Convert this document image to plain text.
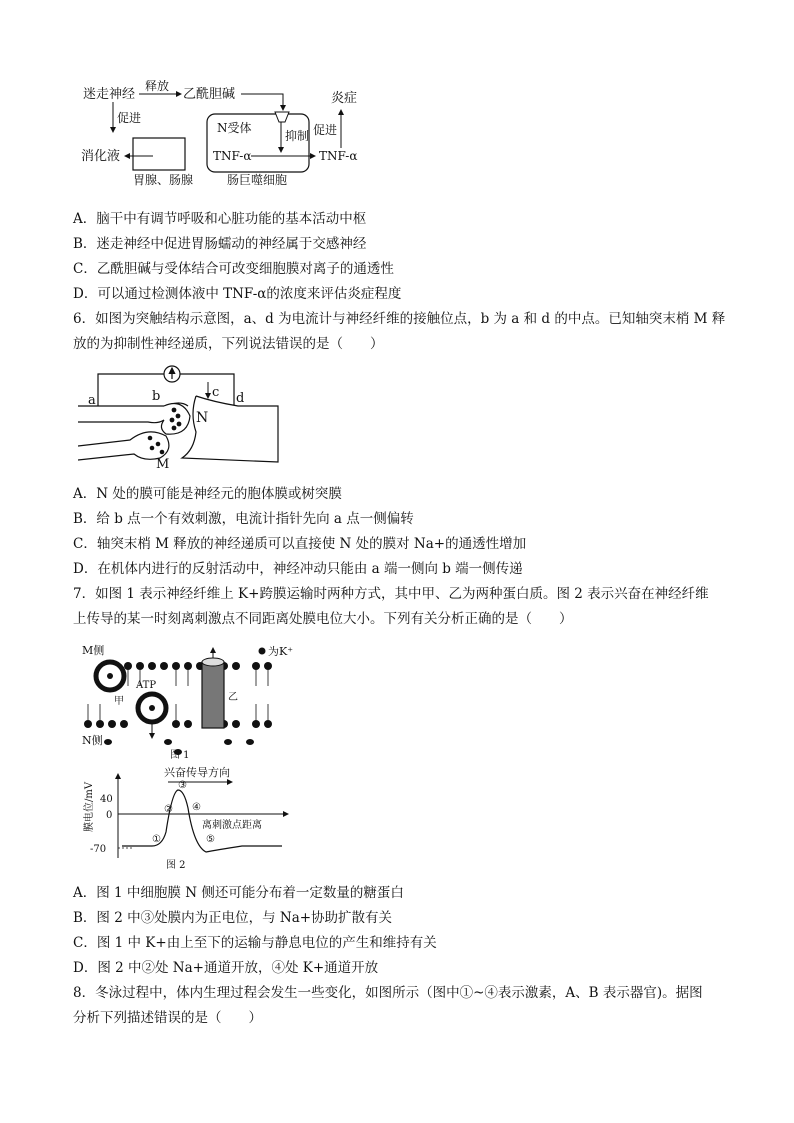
迷走神经
释放
乙酰胆碱	炎症
促进
促进
消化液
胃腺、肠腺
N受体
抑制
TNF-α	TNF-α
肠巨噬细胞
A．脑干中有调节呼吸和心脏功能的基本活动中枢
B．迷走神经中促进胃肠蠕动的神经属于交感神经
C．乙酰胆碱与受体结合可改变细胞膜对离子的通透性
D．可以通过检测体液中 TNF-α的浓度来评估炎症程度
6．如图为突触结构示意图，a、d 为电流计与神经纤维的接触位点，b 为 a 和 d 的中点。已知轴突末梢 M 释
放的为抑制性神经递质，下列说法错误的是（　　）
a	b
N
c d
M
A．N 处的膜可能是神经元的胞体膜或树突膜
B．给 b 点一个有效刺激，电流计指针先向 a 点一侧偏转
C．轴突末梢 M 释放的神经递质可以直接使 N 处的膜对 Na+的通透性增加
D．在机体内进行的反射活动中，神经冲动只能由 a 端一侧向 b 端一侧传递
7．如图 1 表示神经纤维上 K+跨膜运输时两种方式，其中甲、乙为两种蛋白质。图 2 表示兴奋在神经纤维
上传导的某一时刻离刺激点不同距离处膜电位大小。下列有关分析正确的是（　　）
M侧	为K⁺
ATP
甲	乙
N侧
图 1
兴奋传导方向
膜电位/mV 40
0
-70
①
②
③
④
⑤
离刺激点距离
图 2
A．图 1 中细胞膜 N 侧还可能分布着一定数量的糖蛋白
B．图 2 中③处膜内为正电位，与 Na+协助扩散有关
C．图 1 中 K+由上至下的运输与静息电位的产生和维持有关
D．图 2 中②处 Na+通道开放，④处 K+通道开放
8．冬泳过程中，体内生理过程会发生一些变化，如图所示（图中①~④表示激素，A、B 表示器官)。据图
分析下列描述错误的是（　　）
